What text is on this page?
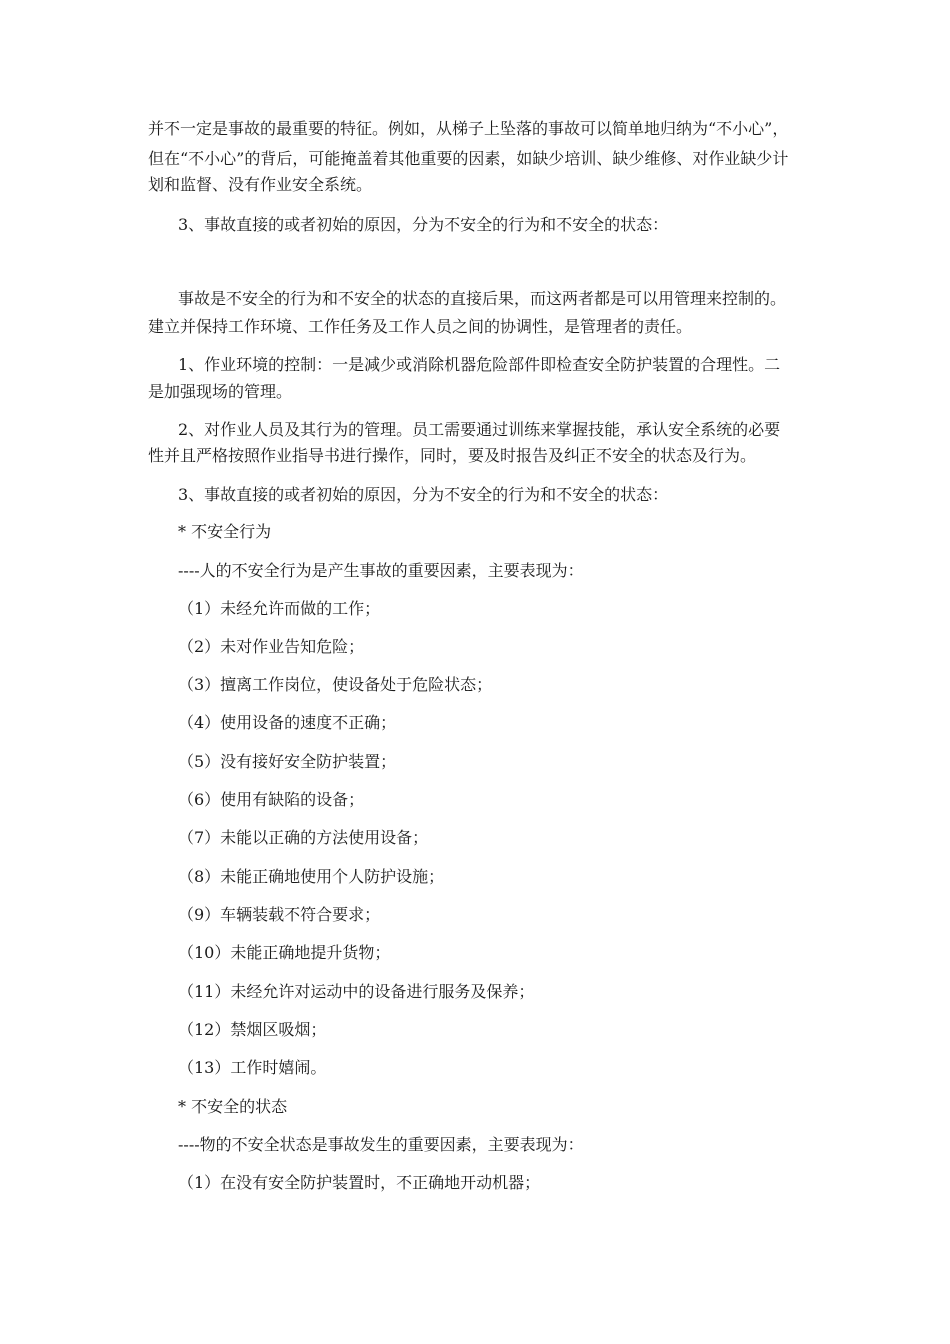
并不一定是事故的最重要的特征。例如，从梯子上坠落的事故可以简单地归纳为“不小心”，
但在“不小心”的背后，可能掩盖着其他重要的因素，如缺少培训、缺少维修、对作业缺少计
划和监督、没有作业安全系统。
3、事故直接的或者初始的原因，分为不安全的行为和不安全的状态：
事故是不安全的行为和不安全的状态的直接后果，而这两者都是可以用管理来控制的。
建立并保持工作环境、工作任务及工作人员之间的协调性，是管理者的责任。
1、作业环境的控制：一是减少或消除机器危险部件即检查安全防护装置的合理性。二
是加强现场的管理。
2、对作业人员及其行为的管理。员工需要通过训练来掌握技能，承认安全系统的必要
性并且严格按照作业指导书进行操作，同时，要及时报告及纠正不安全的状态及行为。
3、事故直接的或者初始的原因，分为不安全的行为和不安全的状态：
* 不安全行为
----人的不安全行为是产生事故的重要因素，主要表现为：
（1）未经允许而做的工作；
（2）未对作业告知危险；
（3）擅离工作岗位，使设备处于危险状态；
（4）使用设备的速度不正确；
（5）没有接好安全防护装置；
（6）使用有缺陷的设备；
（7）未能以正确的方法使用设备；
（8）未能正确地使用个人防护设施；
（9）车辆装载不符合要求；
（10）未能正确地提升货物；
（11）未经允许对运动中的设备进行服务及保养；
（12）禁烟区吸烟；
（13）工作时嬉闹。
* 不安全的状态
----物的不安全状态是事故发生的重要因素，主要表现为：
（1）在没有安全防护装置时，不正确地开动机器；
